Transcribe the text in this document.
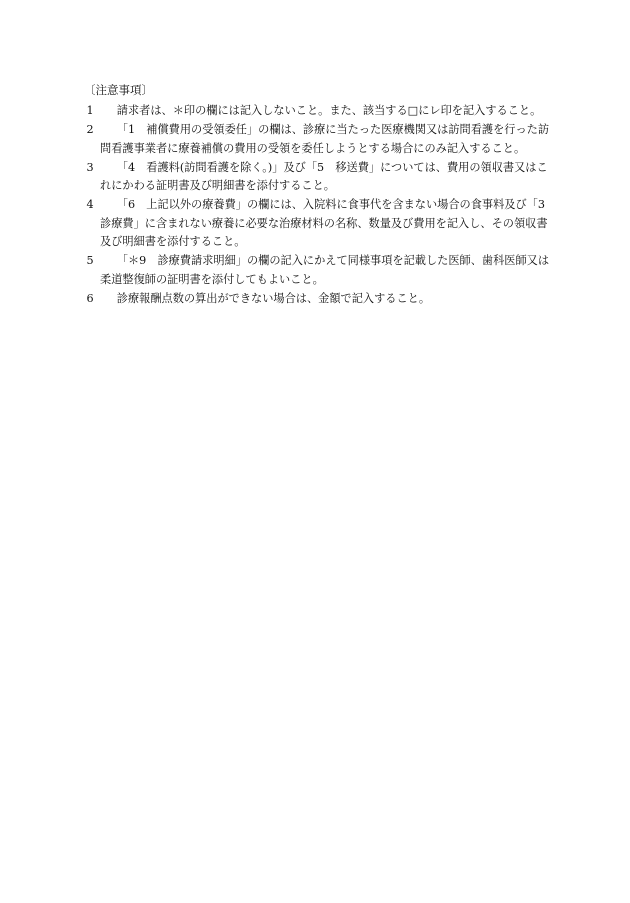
〔注意事項〕
1	請求者は、＊印の欄には記入しないこと。また、該当する□にレ印を記入すること。
2	「1　補償費用の受領委任」の欄は、診療に当たった医療機関又は訪問看護を行った訪問看護事業者に療養補償の費用の受領を委任しようとする場合にのみ記入すること。
3	「4　看護料(訪問看護を除く。)」及び「5　移送費」については、費用の領収書又はこれにかわる証明書及び明細書を添付すること。
4	「6　上記以外の療養費」の欄には、入院料に食事代を含まない場合の食事料及び「3　診療費」に含まれない療養に必要な治療材料の名称、数量及び費用を記入し、その領収書及び明細書を添付すること。
5	「＊9　診療費請求明細」の欄の記入にかえて同様事項を記載した医師、歯科医師又は柔道整復師の証明書を添付してもよいこと。
6	診療報酬点数の算出ができない場合は、金額で記入すること。
